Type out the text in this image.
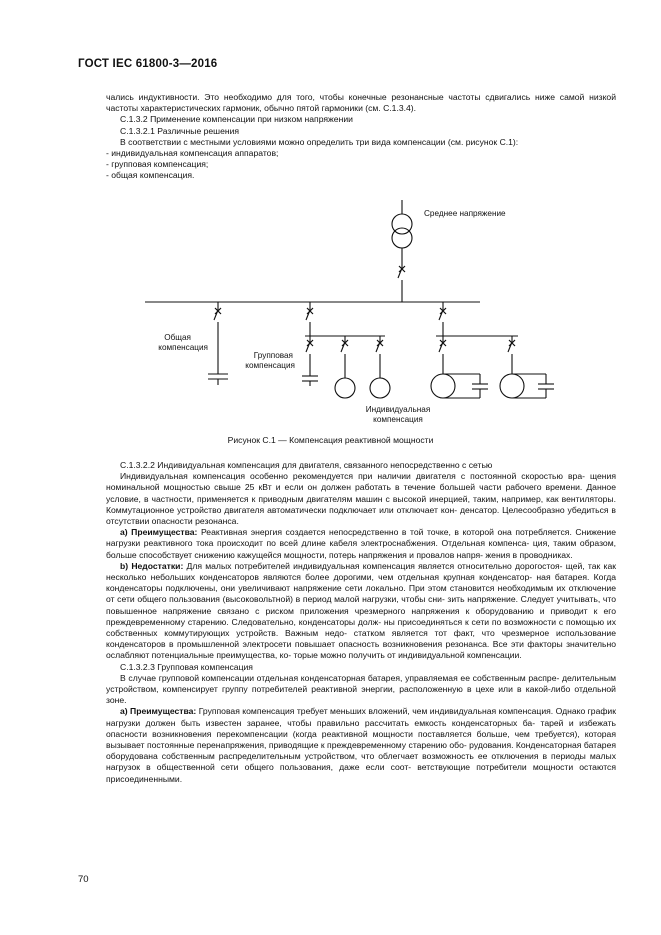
ГОСТ IEC 61800-3—2016

чались индуктивности. Это необходимо для того, чтобы конечные резонансные частоты сдвигались ниже самой низкой частоты характеристических гармоник, обычно пятой гармоники (см. С.1.3.4).

С.1.3.2 Применение компенсации при низком напряжении

С.1.3.2.1 Различные решения

В соответствии с местными условиями можно определить три вида компенсации (см. рисунок С.1):

- индивидуальная компенсация аппаратов;

- групповая компенсация;

- общая компенсация.

Среднее напряжение
Общая
компенсация
Групповая
компенсация
Индивидуальная
компенсация
Рисунок С.1 — Компенсация реактивной мощности

С.1.3.2.2 Индивидуальная компенсация для двигателя, связанного непосредственно с сетью

Индивидуальная компенсация особенно рекомендуется при наличии двигателя с постоянной скоростью вра- щения номинальной мощностью свыше 25 кВт и если он должен работать в течение большей части рабочего времени. Данное условие, в частности, применяется к приводным двигателям машин с высокой инерцией, таким, например, как вентиляторы. Коммутационное устройство двигателя автоматически подключает или отключает кон- денсатор. Целесообразно убедиться в отсутствии опасности резонанса.

а) Преимущества: Реактивная энергия создается непосредственно в той точке, в которой она потребляется. Снижение нагрузки реактивного тока происходит по всей длине кабеля электроснабжения. Отдельная компенса- ция, таким образом, больше способствует снижению кажущейся мощности, потерь напряжения и провалов напря- жения в проводниках.

b) Недостатки: Для малых потребителей индивидуальная компенсация является относительно дорогостоя- щей, так как несколько небольших конденсаторов являются более дорогими, чем отдельная крупная конденсатор- ная батарея. Когда конденсаторы подключены, они увеличивают напряжение сети локально. При этом становится необходимым их отключение от сети общего пользования (высоковольтной) в период малой нагрузки, чтобы сни- зить напряжение. Следует учитывать, что повышенное напряжение связано с риском приложения чрезмерного напряжения к оборудованию и приводит к его преждевременному старению. Следовательно, конденсаторы долж- ны присоединяться к сети по возможности с помощью их собственных коммутирующих устройств. Важным недо- статком является тот факт, что чрезмерное использование конденсаторов в промышленной электросети повышает опасность возникновения резонанса. Все эти факторы значительно ослабляют потенциальные преимущества, ко- торые можно получить от индивидуальной компенсации.

С.1.3.2.3 Групповая компенсация

В случае групповой компенсации отдельная конденсаторная батарея, управляемая ее собственным распре- делительным устройством, компенсирует группу потребителей реактивной энергии, расположенную в цехе или в какой-либо отдельной зоне.

а) Преимущества: Групповая компенсация требует меньших вложений, чем индивидуальная компенсация. Однако график нагрузки должен быть известен заранее, чтобы правильно рассчитать емкость конденсаторных ба- тарей и избежать опасности возникновения перекомпенсации (когда реактивной мощности поставляется больше, чем требуется), которая вызывает постоянные перенапряжения, приводящие к преждевременному старению обо- рудования. Конденсаторная батарея оборудована собственным распределительным устройством, что облегчает возможность ее отключения в периоды малых нагрузок в общественной сети общего пользования, даже если соот- ветствующие потребители мощности остаются присоединенными.

70
